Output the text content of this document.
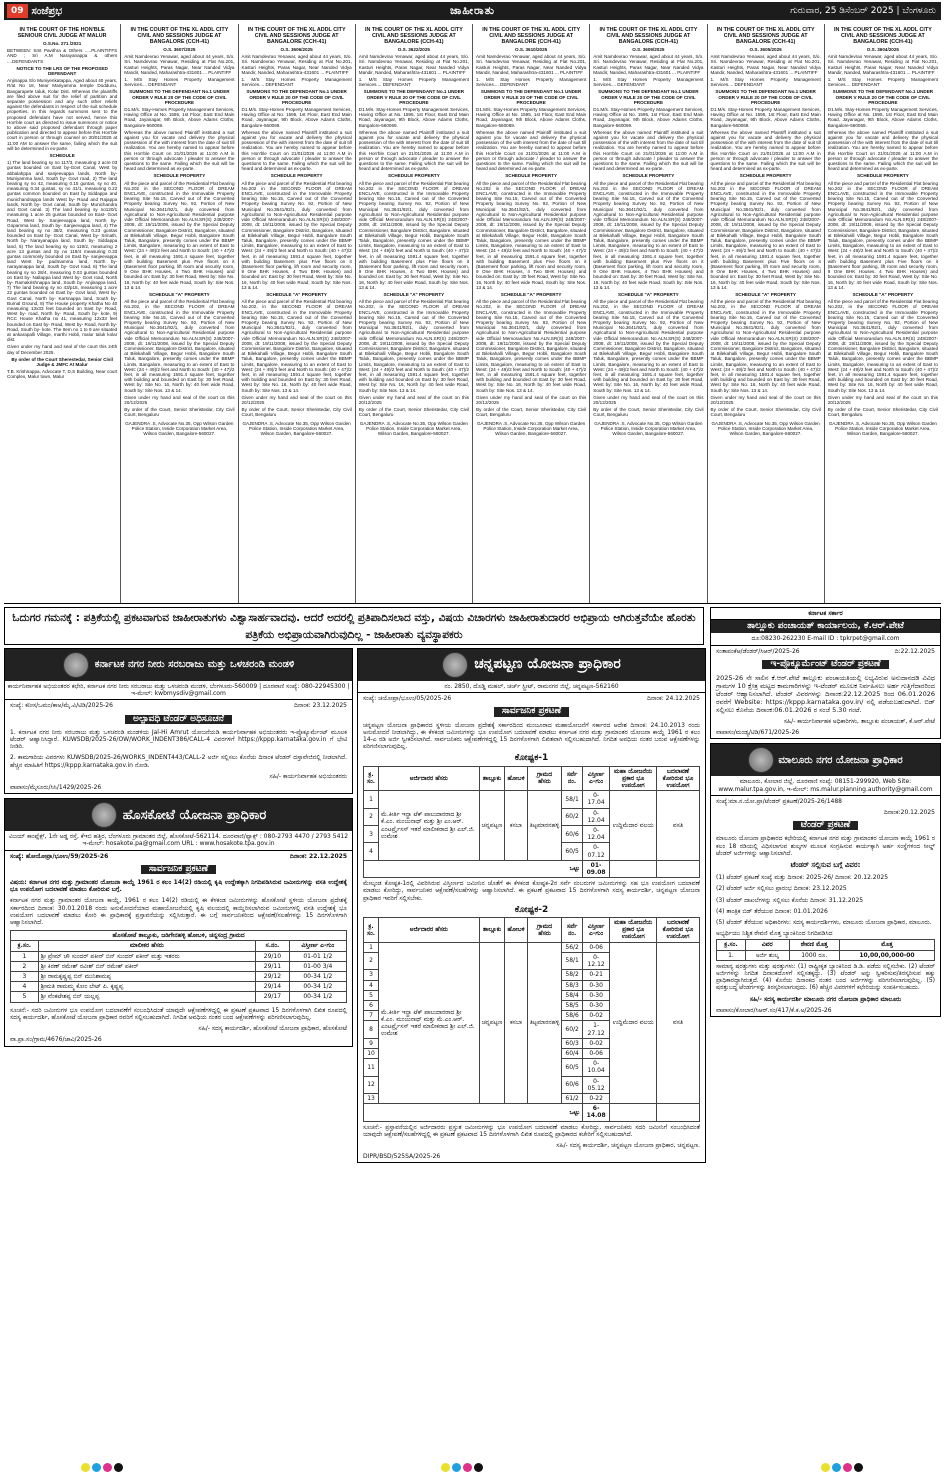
09 ಸಂಜೆಪ್ರಭ	ಜಾಹೀರಾತು	ಗುರುವಾರ, 25 ಡಿಸೆಂಬರ್ 2025 | ಬೆಂಗಳೂರು
IN THE COURT OF THE HON'BLE SENIOUR CIVIL JUDGE AT MALUR
O.S.No. 271 /2021

BETWEEN: Smt Pavithra & Others .....PLAINTIFFS AND ; Sri A.M Narayanappa & others ....DEFENDANTS

NOTICE TO THE LRS OF THE PROPOSED DEFENDANT

Anjinappa S/o Muniyenkatappa, Aged about 40 years, R/at No 18, Near Mariyamma temple Doddunu, Bangarapete taluk, Kolar Dist. Whereas the plaintiffs are filed above suit for the relief of partition and separate possession and any such other reliefs against the defendants in respect of the suit schedule properties, in this regards summons sent to the proposed defendant have not served, hence this Hon'ble court as directed to issue summons or notice to above said proposed defendant through paper publication and directed to appear before this Hon'ble court in person or through counsel on 30/01/2026 at 11:00 AM to answer the same, failing which the suit will be determined in ex-parte.

SCHEDULE

1) The land bearing sy no 117/3, measuring 2 acre 03 guntas bounded on East by-Govt Canal, West by abbalahppa and sanjeevappa lands, North by- Muniyamma land, South by- Govt road, 2) The land bearing sy no 42, measuring 0.15 guntas, sy no 40, measuring 0.34 guntas, sy no 41/1, measuring 0.22 guntas common bounded on East by Siddappa and munichandrappa lands West by- Road and Rajappa lands, North by- Govt canal, South by- Munichandra and Govt canal. 3) The land bearing sy no120/1 measuring 1 acre 25 guntas bounded on East- Govt Road, West by- Sanjeevappa land, North by- Gopamma land, South by- Sanjeevappa land, 4) The land bearing sy no 38/2, measuring 0.23 guntas bounded on East by- Govt Canal, West by- Srinath, North by- Narayanappa land, South by- Siddappa land, 5) The land bearing sy no 119/2, measuring 2 acre 13 guntas and Sy no 119/4 measuring 0.33 guntas commonly bounded on East by- sanjeevappa land West by- padmamma land, North by- narayanappa land, South by- Govt road, 6) The land bearing sy no 28/4, measuring 0.03 guntas bounded on East by- Nallappa land West by- Govt road, North by- Ramakrishnappa land, South by- Anjinappa land, 7) The land bearing sy no 43/p15, measuring 1 acre 22 guntas bounded on East by- Govt land, West by- Govt Canal, North by- Karsnappa land, South by- Burnal Ground, 8) The House property Khatha No 40 measuring 13x33 feet bounded on East by- Road, West by- road, North by- Road, South by- kote, 9) RCC House Khatha no 41, measuring 12x33 feet bounded on East by- Road, West by- Road, North by- Road, South by- kote. The Item no 1 to 9 are situated at ankarapalli Village, marthi Hobli, malur taluk kolar dist.

Given under my hand and seal of the court this 24th day of December 2025.

By order of the Court Sherestedar, Senior Civil Judge & JMFC At Malur

T.B. Krishnappa, Advocate T, D,S Building, Near court Complex, Malur town, Malur

IN THE COURT OF THE XL ADDL CITY CIVIL AND SESSIONS JUDGE AT BANGALORE (CCH-41)
O.S. 3607/2025

Amit Namdevrao Yenawar, aged about 44 years, S/o. Sri. Namdevrao Yenawar, Residing at Flat No.201, Kasturi Heights, Paras Nagar, Near Nanded Vidya Mandir, Nanded, Maharashtra-431601 ... PLAINTIFF

1. M/S Stay Homes Property Management Services.... DEFENDANT

SUMMONS TO THE DEFENDANT No.1 UNDER ORDER V RULE 20 OF THE CODE OF CIVIL PROCEDURE

D1.M/s. Stay-Homes Property Management Services, Having Office at No. 1595, 1st Floor, East End Main Road, Jayanagar, 9th Block, Above Adams Cloths, Bangalore-560069.

Whereas the above named Plaintiff instituted a suit against you for vacate and delivery the physical possession of the with interest from the date of suit till realization. You are hereby named to appear before this Hon'ble Court on 21/01/2026 at 11:00 A.M in person or through advocate / pleader to answer the questions to the same. Failing which the suit will be heard and determined as ex-parte.

SCHEDULE PROPERTY

All the piece and parcel of the Residential Flat bearing No.202 in the SECOND FLOOR of DREAM ENCLAVE, constructed in the Immovable Property bearing Site No.15, Carved out of the Converted Property bearing Survey No. 92, Portion of New Municipal No.3641/92/1, duly converted from Agricultural to Non-Agricultural Residential purpose vide Official Memorandum No.ALN.SR(S) 248/2007-2008, dt: 19/11/2008, issued by the Special Deputy Commissioner, Bangalore District, Bangalore, situated at Bilekahalli Village, Begur Hobli, Bangalore South Taluk, Bangalore, presently comes under the BBMP Limits, Bangalore, measuring to an extent of East to West: (24 + 49)/2 feet and North to South: (40 + 47)/2 feet, in all measuring 1591.4 square feet, together with building Basement plus Five floors on it (Basement floor parking, lift room and security room, 9 One BHK Houses, 4 Two BHK Houses) and bounded on: East by: 30 feet Road, West by: Site No. 16, North by: 40 feet wide Road, South by: Site Nos. 13 & 14.

SCHEDULE "A" PROPERTY

All the piece and parcel of the Residential Flat bearing No.202, in the SECOND FLOOR of DREAM ENCLAVE, constructed in the Immovable Property bearing Site No.15, Carved out of the Converted Property bearing Survey No. 92, Portion of New Municipal No.3641/92/1, duly converted from Agricultural to Non-Agricultural Residential purpose vide Official Memorandum No.ALN.SR(S) 248/2007-2008, dt: 19/11/2008, issued by the Special Deputy Commissioner, Bangalore District, Bangalore, situated at Bilekahalli Village, Begur Hobli, Bangalore South Taluk, Bangalore, presently comes under the BBMP Limits, Bangalore, measuring to an extent of East to West: (24 + 49)/2 feet and North to South: (40 + 47)/2 feet, in all measuring 1591.4 square feet, together with building and bounded on East by: 30 feet Road, West by: Site No. 16, North by: 40 feet wide Road, South by: Site Nos. 13 & 14.

Given under my hand and seal of the court on this 20/12/2025

By order of the Court, Senior Sheristedar, City Civil Court, Bengaluru

GAJENDRA .S, Advocate No.35, Opp Wilson Garden Police Station, Inside Corporation Market Area, Wilson Garden, Bangalore-560027.
IN THE COURT OF THE XL ADDL CITY CIVIL AND SESSIONS JUDGE AT BANGALORE (CCH-41)
O.S. 3606/2025

Amit Namdevrao Yenawar, aged about 44 years, S/o. Sri. Namdevrao Yenawar, Residing at Flat No.201, Kasturi Heights, Paras Nagar, Near Nanded Vidya Mandir, Nanded, Maharashtra-431601 ... PLAINTIFF

1. M/S Stay Homes Property Management Services.... DEFENDANT

SUMMONS TO THE DEFENDANT No.1 UNDER ORDER V RULE 20 OF THE CODE OF CIVIL PROCEDURE

D1.M/s. Stay-Homes Property Management Services, Having Office at No. 1595, 1st Floor, East End Main Road, Jayanagar, 9th Block, Above Adams Cloths, Bangalore-560069.

Whereas the above named Plaintiff instituted a suit against you for vacate and delivery the physical possession of the with interest from the date of suit till realization. You are hereby named to appear before this Hon'ble Court on 21/01/2026 at 11:00 A.M in person or through advocate / pleader to answer the questions to the same. Failing which the suit will be heard and determined as ex-parte.

SCHEDULE PROPERTY

All the piece and parcel of the Residential Flat bearing No.202 in the SECOND FLOOR of DREAM ENCLAVE, constructed in the Immovable Property bearing Site No.15, Carved out of the Converted Property bearing Survey No. 92, Portion of New Municipal No.3641/92/1, duly converted from Agricultural to Non-Agricultural Residential purpose vide Official Memorandum No.ALN.SR(S) 248/2007-2008, dt: 19/11/2008, issued by the Special Deputy Commissioner, Bangalore District, Bangalore, situated at Bilekahalli Village, Begur Hobli, Bangalore South Taluk, Bangalore, presently comes under the BBMP Limits, Bangalore, measuring to an extent of East to West: (24 + 49)/2 feet and North to South: (40 + 47)/2 feet, in all measuring 1591.4 square feet, together with building Basement plus Five floors on it (Basement floor parking, lift room and security room, 9 One BHK Houses, 4 Two BHK Houses) and bounded on: East by: 30 feet Road, West by: Site No. 16, North by: 40 feet wide Road, South by: Site Nos. 13 & 14.

SCHEDULE "A" PROPERTY

All the piece and parcel of the Residential Flat bearing No.202, in the SECOND FLOOR of DREAM ENCLAVE, constructed in the Immovable Property bearing Site No.15, Carved out of the Converted Property bearing Survey No. 92, Portion of New Municipal No.3641/92/1, duly converted from Agricultural to Non-Agricultural Residential purpose vide Official Memorandum No.ALN.SR(S) 248/2007-2008, dt: 19/11/2008, issued by the Special Deputy Commissioner, Bangalore District, Bangalore, situated at Bilekahalli Village, Begur Hobli, Bangalore South Taluk, Bangalore, presently comes under the BBMP Limits, Bangalore, measuring to an extent of East to West: (24 + 49)/2 feet and North to South: (40 + 47)/2 feet, in all measuring 1591.4 square feet, together with building and bounded on East by: 30 feet Road, West by: Site No. 16, North by: 40 feet wide Road, South by: Site Nos. 13 & 14.

Given under my hand and seal of the court on this 20/12/2025

By order of the Court, Senior Sheristedar, City Civil Court, Bengaluru

GAJENDRA .S, Advocate No.35, Opp Wilson Garden Police Station, Inside Corporation Market Area, Wilson Garden, Bangalore-560027.
IN THE COURT OF THE XL ADDL CITY CIVIL AND SESSIONS JUDGE AT BANGALORE (CCH-41)
O.S. 3622/2025

Amit Namdevrao Yenawar, aged about 44 years, S/o. Sri. Namdevrao Yenawar, Residing at Flat No.201, Kasturi Heights, Paras Nagar, Near Nanded Vidya Mandir, Nanded, Maharashtra-431601 ... PLAINTIFF

1. M/S Stay Homes Property Management Services.... DEFENDANT

SUMMONS TO THE DEFENDANT No.1 UNDER ORDER V RULE 20 OF THE CODE OF CIVIL PROCEDURE

D1.M/s. Stay-Homes Property Management Services, Having Office at No. 1595, 1st Floor, East End Main Road, Jayanagar, 9th Block, Above Adams Cloths, Bangalore-560069.

Whereas the above named Plaintiff instituted a suit against you for vacate and delivery the physical possession of the with interest from the date of suit till realization. You are hereby named to appear before this Hon'ble Court on 21/01/2026 at 11:00 A.M in person or through advocate / pleader to answer the questions to the same. Failing which the suit will be heard and determined as ex-parte.

SCHEDULE PROPERTY

All the piece and parcel of the Residential Flat bearing No.202 in the SECOND FLOOR of DREAM ENCLAVE, constructed in the Immovable Property bearing Site No.15, Carved out of the Converted Property bearing Survey No. 92, Portion of New Municipal No.3641/92/1, duly converted from Agricultural to Non-Agricultural Residential purpose vide Official Memorandum No.ALN.SR(S) 248/2007-2008, dt: 19/11/2008, issued by the Special Deputy Commissioner, Bangalore District, Bangalore, situated at Bilekahalli Village, Begur Hobli, Bangalore South Taluk, Bangalore, presently comes under the BBMP Limits, Bangalore, measuring to an extent of East to West: (24 + 49)/2 feet and North to South: (40 + 47)/2 feet, in all measuring 1591.4 square feet, together with building Basement plus Five floors on it (Basement floor parking, lift room and security room, 9 One BHK Houses, 4 Two BHK Houses) and bounded on: East by: 30 feet Road, West by: Site No. 16, North by: 40 feet wide Road, South by: Site Nos. 13 & 14.

SCHEDULE "A" PROPERTY

All the piece and parcel of the Residential Flat bearing No.202, in the SECOND FLOOR of DREAM ENCLAVE, constructed in the Immovable Property bearing Site No.15, Carved out of the Converted Property bearing Survey No. 92, Portion of New Municipal No.3641/92/1, duly converted from Agricultural to Non-Agricultural Residential purpose vide Official Memorandum No.ALN.SR(S) 248/2007-2008, dt: 19/11/2008, issued by the Special Deputy Commissioner, Bangalore District, Bangalore, situated at Bilekahalli Village, Begur Hobli, Bangalore South Taluk, Bangalore, presently comes under the BBMP Limits, Bangalore, measuring to an extent of East to West: (24 + 49)/2 feet and North to South: (40 + 47)/2 feet, in all measuring 1591.4 square feet, together with building and bounded on East by: 30 feet Road, West by: Site No. 16, North by: 40 feet wide Road, South by: Site Nos. 13 & 14.

Given under my hand and seal of the court on this 20/12/2025

By order of the Court, Senior Sheristedar, City Civil Court, Bengaluru

GAJENDRA .S, Advocate No.35, Opp Wilson Garden Police Station, Inside Corporation Market Area, Wilson Garden, Bangalore-560027.
IN THE COURT OF THE XL ADDL CITY CIVIL AND SESSIONS JUDGE AT BANGALORE (CCH-41)
O.S. 3610/2025

Amit Namdevrao Yenawar, aged about 44 years, S/o. Sri. Namdevrao Yenawar, Residing at Flat No.201, Kasturi Heights, Paras Nagar, Near Nanded Vidya Mandir, Nanded, Maharashtra-431601 ... PLAINTIFF

1. M/S Stay Homes Property Management Services.... DEFENDANT

SUMMONS TO THE DEFENDANT No.1 UNDER ORDER V RULE 20 OF THE CODE OF CIVIL PROCEDURE

D1.M/s. Stay-Homes Property Management Services, Having Office at No. 1595, 1st Floor, East End Main Road, Jayanagar, 9th Block, Above Adams Cloths, Bangalore-560069.

Whereas the above named Plaintiff instituted a suit against you for vacate and delivery the physical possession of the with interest from the date of suit till realization. You are hereby named to appear before this Hon'ble Court on 21/01/2026 at 11:00 A.M in person or through advocate / pleader to answer the questions to the same. Failing which the suit will be heard and determined as ex-parte.

SCHEDULE PROPERTY

All the piece and parcel of the Residential Flat bearing No.202 in the SECOND FLOOR of DREAM ENCLAVE, constructed in the Immovable Property bearing Site No.15, Carved out of the Converted Property bearing Survey No. 92, Portion of New Municipal No.3641/92/1, duly converted from Agricultural to Non-Agricultural Residential purpose vide Official Memorandum No.ALN.SR(S) 248/2007-2008, dt: 19/11/2008, issued by the Special Deputy Commissioner, Bangalore District, Bangalore, situated at Bilekahalli Village, Begur Hobli, Bangalore South Taluk, Bangalore, presently comes under the BBMP Limits, Bangalore, measuring to an extent of East to West: (24 + 49)/2 feet and North to South: (40 + 47)/2 feet, in all measuring 1591.4 square feet, together with building Basement plus Five floors on it (Basement floor parking, lift room and security room, 9 One BHK Houses, 4 Two BHK Houses) and bounded on: East by: 30 feet Road, West by: Site No. 16, North by: 40 feet wide Road, South by: Site Nos. 13 & 14.

SCHEDULE "A" PROPERTY

All the piece and parcel of the Residential Flat bearing No.202, in the SECOND FLOOR of DREAM ENCLAVE, constructed in the Immovable Property bearing Site No.15, Carved out of the Converted Property bearing Survey No. 92, Portion of New Municipal No.3641/92/1, duly converted from Agricultural to Non-Agricultural Residential purpose vide Official Memorandum No.ALN.SR(S) 248/2007-2008, dt: 19/11/2008, issued by the Special Deputy Commissioner, Bangalore District, Bangalore, situated at Bilekahalli Village, Begur Hobli, Bangalore South Taluk, Bangalore, presently comes under the BBMP Limits, Bangalore, measuring to an extent of East to West: (24 + 49)/2 feet and North to South: (40 + 47)/2 feet, in all measuring 1591.4 square feet, together with building and bounded on East by: 30 feet Road, West by: Site No. 16, North by: 40 feet wide Road, South by: Site Nos. 13 & 14.

Given under my hand and seal of the court on this 20/12/2025

By order of the Court, Senior Sheristedar, City Civil Court, Bengaluru

GAJENDRA .S, Advocate No.35, Opp Wilson Garden Police Station, Inside Corporation Market Area, Wilson Garden, Bangalore-560027.
IN THE COURT OF THE XL ADDL CITY CIVIL AND SESSIONS JUDGE AT BANGALORE (CCH-41)
O.S. 3609/2025

Amit Namdevrao Yenawar, aged about 44 years, S/o. Sri. Namdevrao Yenawar, Residing at Flat No.201, Kasturi Heights, Paras Nagar, Near Nanded Vidya Mandir, Nanded, Maharashtra-431601 ... PLAINTIFF

1. M/S Stay Homes Property Management Services.... DEFENDANT

SUMMONS TO THE DEFENDANT No.1 UNDER ORDER V RULE 20 OF THE CODE OF CIVIL PROCEDURE

D1.M/s. Stay-Homes Property Management Services, Having Office at No. 1595, 1st Floor, East End Main Road, Jayanagar, 9th Block, Above Adams Cloths, Bangalore-560069.

Whereas the above named Plaintiff instituted a suit against you for vacate and delivery the physical possession of the with interest from the date of suit till realization. You are hereby named to appear before this Hon'ble Court on 21/01/2026 at 11:00 A.M in person or through advocate / pleader to answer the questions to the same. Failing which the suit will be heard and determined as ex-parte.

SCHEDULE PROPERTY

All the piece and parcel of the Residential Flat bearing No.202 in the SECOND FLOOR of DREAM ENCLAVE, constructed in the Immovable Property bearing Site No.15, Carved out of the Converted Property bearing Survey No. 92, Portion of New Municipal No.3641/92/1, duly converted from Agricultural to Non-Agricultural Residential purpose vide Official Memorandum No.ALN.SR(S) 248/2007-2008, dt: 19/11/2008, issued by the Special Deputy Commissioner, Bangalore District, Bangalore, situated at Bilekahalli Village, Begur Hobli, Bangalore South Taluk, Bangalore, presently comes under the BBMP Limits, Bangalore, measuring to an extent of East to West: (24 + 49)/2 feet and North to South: (40 + 47)/2 feet, in all measuring 1591.4 square feet, together with building Basement plus Five floors on it (Basement floor parking, lift room and security room, 9 One BHK Houses, 4 Two BHK Houses) and bounded on: East by: 30 feet Road, West by: Site No. 16, North by: 40 feet wide Road, South by: Site Nos. 13 & 14.

SCHEDULE "A" PROPERTY

All the piece and parcel of the Residential Flat bearing No.202, in the SECOND FLOOR of DREAM ENCLAVE, constructed in the Immovable Property bearing Site No.15, Carved out of the Converted Property bearing Survey No. 92, Portion of New Municipal No.3641/92/1, duly converted from Agricultural to Non-Agricultural Residential purpose vide Official Memorandum No.ALN.SR(S) 248/2007-2008, dt: 19/11/2008, issued by the Special Deputy Commissioner, Bangalore District, Bangalore, situated at Bilekahalli Village, Begur Hobli, Bangalore South Taluk, Bangalore, presently comes under the BBMP Limits, Bangalore, measuring to an extent of East to West: (24 + 49)/2 feet and North to South: (40 + 47)/2 feet, in all measuring 1591.4 square feet, together with building and bounded on East by: 30 feet Road, West by: Site No. 16, North by: 40 feet wide Road, South by: Site Nos. 13 & 14.

Given under my hand and seal of the court on this 20/12/2025

By order of the Court, Senior Sheristedar, City Civil Court, Bengaluru

GAJENDRA .S, Advocate No.35, Opp Wilson Garden Police Station, Inside Corporation Market Area, Wilson Garden, Bangalore-560027.
IN THE COURT OF THE XL ADDL CITY CIVIL AND SESSIONS JUDGE AT BANGALORE (CCH-41)
O.S. 3605/2025

Amit Namdevrao Yenawar, aged about 44 years, S/o. Sri. Namdevrao Yenawar, Residing at Flat No.201, Kasturi Heights, Paras Nagar, Near Nanded Vidya Mandir, Nanded, Maharashtra-431601 ... PLAINTIFF

1. M/S Stay Homes Property Management Services.... DEFENDANT

SUMMONS TO THE DEFENDANT No.1 UNDER ORDER V RULE 20 OF THE CODE OF CIVIL PROCEDURE

D1.M/s. Stay-Homes Property Management Services, Having Office at No. 1595, 1st Floor, East End Main Road, Jayanagar, 9th Block, Above Adams Cloths, Bangalore-560069.

Whereas the above named Plaintiff instituted a suit against you for vacate and delivery the physical possession of the with interest from the date of suit till realization. You are hereby named to appear before this Hon'ble Court on 21/01/2026 at 11:00 A.M in person or through advocate / pleader to answer the questions to the same. Failing which the suit will be heard and determined as ex-parte.

SCHEDULE PROPERTY

All the piece and parcel of the Residential Flat bearing No.202 in the SECOND FLOOR of DREAM ENCLAVE, constructed in the Immovable Property bearing Site No.15, Carved out of the Converted Property bearing Survey No. 92, Portion of New Municipal No.3641/92/1, duly converted from Agricultural to Non-Agricultural Residential purpose vide Official Memorandum No.ALN.SR(S) 248/2007-2008, dt: 19/11/2008, issued by the Special Deputy Commissioner, Bangalore District, Bangalore, situated at Bilekahalli Village, Begur Hobli, Bangalore South Taluk, Bangalore, presently comes under the BBMP Limits, Bangalore, measuring to an extent of East to West: (24 + 49)/2 feet and North to South: (40 + 47)/2 feet, in all measuring 1591.4 square feet, together with building Basement plus Five floors on it (Basement floor parking, lift room and security room, 9 One BHK Houses, 4 Two BHK Houses) and bounded on: East by: 30 feet Road, West by: Site No. 16, North by: 40 feet wide Road, South by: Site Nos. 13 & 14.

SCHEDULE "A" PROPERTY

All the piece and parcel of the Residential Flat bearing No.202, in the SECOND FLOOR of DREAM ENCLAVE, constructed in the Immovable Property bearing Site No.15, Carved out of the Converted Property bearing Survey No. 92, Portion of New Municipal No.3641/92/1, duly converted from Agricultural to Non-Agricultural Residential purpose vide Official Memorandum No.ALN.SR(S) 248/2007-2008, dt: 19/11/2008, issued by the Special Deputy Commissioner, Bangalore District, Bangalore, situated at Bilekahalli Village, Begur Hobli, Bangalore South Taluk, Bangalore, presently comes under the BBMP Limits, Bangalore, measuring to an extent of East to West: (24 + 49)/2 feet and North to South: (40 + 47)/2 feet, in all measuring 1591.4 square feet, together with building and bounded on East by: 30 feet Road, West by: Site No. 16, North by: 40 feet wide Road, South by: Site Nos. 13 & 14.

Given under my hand and seal of the court on this 20/12/2025

By order of the Court, Senior Sheristedar, City Civil Court, Bengaluru

GAJENDRA .S, Advocate No.35, Opp Wilson Garden Police Station, Inside Corporation Market Area, Wilson Garden, Bangalore-560027.
IN THE COURT OF THE XL ADDL CITY CIVIL AND SESSIONS JUDGE AT BANGALORE (CCH-41)
O.S. 3604/2025

Amit Namdevrao Yenawar, aged about 44 years, S/o. Sri. Namdevrao Yenawar, Residing at Flat No.201, Kasturi Heights, Paras Nagar, Near Nanded Vidya Mandir, Nanded, Maharashtra-431601 ... PLAINTIFF

1. M/S Stay Homes Property Management Services.... DEFENDANT

SUMMONS TO THE DEFENDANT No.1 UNDER ORDER V RULE 20 OF THE CODE OF CIVIL PROCEDURE

D1.M/s. Stay-Homes Property Management Services, Having Office at No. 1595, 1st Floor, East End Main Road, Jayanagar, 9th Block, Above Adams Cloths, Bangalore-560069.

Whereas the above named Plaintiff instituted a suit against you for vacate and delivery the physical possession of the with interest from the date of suit till realization. You are hereby named to appear before this Hon'ble Court on 21/01/2026 at 11:00 A.M in person or through advocate / pleader to answer the questions to the same. Failing which the suit will be heard and determined as ex-parte.

SCHEDULE PROPERTY

All the piece and parcel of the Residential Flat bearing No.202 in the SECOND FLOOR of DREAM ENCLAVE, constructed in the Immovable Property bearing Site No.15, Carved out of the Converted Property bearing Survey No. 92, Portion of New Municipal No.3641/92/1, duly converted from Agricultural to Non-Agricultural Residential purpose vide Official Memorandum No.ALN.SR(S) 248/2007-2008, dt: 19/11/2008, issued by the Special Deputy Commissioner, Bangalore District, Bangalore, situated at Bilekahalli Village, Begur Hobli, Bangalore South Taluk, Bangalore, presently comes under the BBMP Limits, Bangalore, measuring to an extent of East to West: (24 + 49)/2 feet and North to South: (40 + 47)/2 feet, in all measuring 1591.4 square feet, together with building Basement plus Five floors on it (Basement floor parking, lift room and security room, 9 One BHK Houses, 4 Two BHK Houses) and bounded on: East by: 30 feet Road, West by: Site No. 16, North by: 40 feet wide Road, South by: Site Nos. 13 & 14.

SCHEDULE "A" PROPERTY

All the piece and parcel of the Residential Flat bearing No.202, in the SECOND FLOOR of DREAM ENCLAVE, constructed in the Immovable Property bearing Site No.15, Carved out of the Converted Property bearing Survey No. 92, Portion of New Municipal No.3641/92/1, duly converted from Agricultural to Non-Agricultural Residential purpose vide Official Memorandum No.ALN.SR(S) 248/2007-2008, dt: 19/11/2008, issued by the Special Deputy Commissioner, Bangalore District, Bangalore, situated at Bilekahalli Village, Begur Hobli, Bangalore South Taluk, Bangalore, presently comes under the BBMP Limits, Bangalore, measuring to an extent of East to West: (24 + 49)/2 feet and North to South: (40 + 47)/2 feet, in all measuring 1591.4 square feet, together with building and bounded on East by: 30 feet Road, West by: Site No. 16, North by: 40 feet wide Road, South by: Site Nos. 13 & 14.

Given under my hand and seal of the court on this 20/12/2025

By order of the Court, Senior Sheristedar, City Civil Court, Bengaluru

GAJENDRA .S, Advocate No.35, Opp Wilson Garden Police Station, Inside Corporation Market Area, Wilson Garden, Bangalore-560027.
ಓದುಗರ ಗಮನಕ್ಕೆ : ಪತ್ರಿಕೆಯಲ್ಲಿ ಪ್ರಕಟವಾಗುವ ಜಾಹೀರಾತುಗಳು ವಿಶ್ವಾಸಾರ್ಹವಾದವು. ಆದರೆ ಅದರಲ್ಲಿ ಪ್ರತಿಪಾದಿಸಲಾದ ವಸ್ತು, ವಿಷಯ ವಿಚಾರಗಳು ಜಾಹೀರಾತುದಾರರ ಅಭಿಪ್ರಾಯ ಆಗಿರುತ್ತವೆಯೇ ಹೊರತು ಪತ್ರಿಕೆಯ ಅಭಿಪ್ರಾಯವಾಗಿರುವುದಿಲ್ಲ - ಜಾಹೀರಾತು ವ್ಯವಸ್ಥಾಪಕರು
ಕರ್ನಾಟಕ ನಗರ ನೀರು ಸರಬರಾಜು ಮತ್ತು ಒಳಚರಂಡಿ ಮಂಡಳಿ
ಕಾರ್ಯನಿರ್ವಾಹಕ ಅಭಿಯಂತರರ ಕಛೇರಿ, ಕರ್ನಾಟಕ ನಗರ ನೀರು ಸರಬರಾಜು ಮತ್ತು ಒಳಚರಂಡಿ ಮಂಡಳಿ, ಬೆಂಗಳೂರು-560009 | ದೂರವಾಣಿ ಸಂಖ್ಯೆ: 080-22945300 | ಇ-ಮೇಲ್: kwbmysdiv@gmail.com
ಸಂಖ್ಯೆ: ಕನೀಸ/ಒಮಂ/ಕಾಅ/ಮೈ.ವಿ/ಟಿಡಿ/2025-26	ದಿನಾಂಕ: 23.12.2025
ಅಲ್ಪಾವಧಿ ಟೆಂಡರ್ ಅಧಿಸೂಚನೆ
1. ಕರ್ನಾಟಕ ನಗರ ನೀರು ಸರಬರಾಜು ಮತ್ತು ಒಳಚರಂಡಿ ಮಂಡಳಿಯ Jal-Hi Amrut ಯೋಜನೆಯಡಿ ಕಾರ್ಯನಿರ್ವಾಹಕ ಅಭಿಯಂತರರು ಇ-ಪ್ರೊಕ್ಯೂರ್ಮೆಂಟ್ ಮೂಲಕ ಟೆಂಡರ್ ಆಹ್ವಾನಿಸಿದ್ದಾರೆ. KUWSDB/2025-26/OW/WORK_INDENT386/CALL-4 ವಿವರಗಳಿಗೆ https://kppp.karnataka.gov.in ಗೆ ಭೇಟಿ ನೀಡಿರಿ.
2. ಕಾಮಗಾರಿಯ ವಿವರಗಳು KUWSDB/2025-26/WORKS_INDENT443/CALL-2 ಅರ್ಜಿ ಸಲ್ಲಿಸಲು ಕೊನೆಯ ದಿನಾಂಕ ಟೆಂಡರ್ ದಸ್ತಾವೇಜಿನಲ್ಲಿ ನೀಡಲಾಗಿದೆ. ಹೆಚ್ಚಿನ ಮಾಹಿತಿಗೆ https://kppp.karnataka.gov.in ನೋಡಿ.
ಸಹಿ/- ಕಾರ್ಯನಿರ್ವಾಹಕ ಅಭಿಯಂತರರು
ವಾಪಾಸಂ/ಮೈಸೂರು/ಸಿಸಿ/1429/2025-26
ಹೊಸಕೋಟೆ ಯೋಜನಾ ಪ್ರಾಧಿಕಾರ
ವಿಜಯ್ ಕಾಂಪ್ಲೆಕ್ಸ್, 1ನೇ ಅಡ್ಡ ರಸ್ತೆ, ಕೆಇಬಿ ಹತ್ತಿರ, ಬೆಂಗಳೂರು ಗ್ರಾಮಾಂತರ ಜಿಲ್ಲೆ, ಹೊಸಕೋಟೆ-562114. ದೂರವಾಣಿ/ಫ್ಯಾಕ್ಸ್ : 080-2793 4470 / 2793 5412 ಇ-ಮೇಲ್: hosakote.pa@gmail.com URL : www.hosakote.tpa.gov.in
ಸಂಖ್ಯೆ: ಹೋಯೋಪ್ರಾ/ಭೂಉ/59/2025-26	ದಿನಾಂಕ: 22.12.2025
ಸಾರ್ವಜನಿಕ ಪ್ರಕಟಣೆ
ವಿಷಯ: ಕರ್ನಾಟಕ ನಗರ ಮತ್ತು ಗ್ರಾಮಾಂತರ ಯೋಜನಾ ಕಾಯ್ದೆ 1961 ರ ಕಲಂ 14(2) ರಡಿಯಲ್ಲಿ ಕೃಷಿ ಉದ್ದೇಶಕ್ಕಾಗಿ ನಿಗದಿಪಡಿಸಿರುವ ಜಮೀನುಗಳನ್ನು ವಸತಿ ಉದ್ದೇಶಕ್ಕೆ ಭೂ ಉಪಯೋಗ ಬದಲಾವಣೆ ಮಾಡಲು ಕೋರಿರುವ ಬಗ್ಗೆ.
ಕರ್ನಾಟಕ ನಗರ ಮತ್ತು ಗ್ರಾಮಾಂತರ ಯೋಜನಾ ಕಾಯ್ದೆ, 1961 ರ ಕಲಂ 14(2) ರಡಿಯಲ್ಲಿ ಈ ಕೆಳಕಂಡ ಜಮೀನುಗಳನ್ನು ಹೊಸಕೋಟೆ ಸ್ಥಳೀಯ ಯೋಜನಾ ಪ್ರದೇಶಕ್ಕೆ ಸರ್ಕಾರದಿಂದ ದಿನಾಂಕ: 30.01.2018 ರಂದು ಅನುಮೋದನೆಯಾದ ಮಹಾಯೋಜನೆಯಲ್ಲಿ ಕೃಷಿ ವಲಯದಲ್ಲಿ ಕಾಯ್ದಿರಿಸಲಾಗಿರುವ ಜಮೀನುಗಳಲ್ಲಿ ವಸತಿ ಉದ್ದೇಶಕ್ಕೆ ಭೂ ಉಪಯೋಗ ಬದಲಾವಣೆ ಮಾಡಲು ಕೋರಿ ಈ ಪ್ರಾಧಿಕಾರಕ್ಕೆ ಪ್ರಸ್ತಾವನೆಯನ್ನು ಸಲ್ಲಿಸಿರುತ್ತಾರೆ. ಈ ಬಗ್ಗೆ ಸಾರ್ವಜನಿಕರಿಂದ ಆಕ್ಷೇಪಣೆ/ಸಲಹೆಗಳನ್ನು 15 ದಿನಗಳೊಳಗಾಗಿ ಆಹ್ವಾನಿಸಲಾಗಿದೆ.
ಹೊಸಕೋಟೆ ತಾಲ್ಲೂಕು, ಜಡಿಗೇನಹಳ್ಳಿ ಹೋಬಳಿ, ಚನ್ನಸಂದ್ರ ಗ್ರಾಮದ			
ಕ್ರ.ಸಂ.	ಮಾಲೀಕರ ಹೆಸರು	ಸ.ನಂ.	ವಿಸ್ತೀರ್ಣ ಎ-ಗುಂ
1	ಶ್ರೀ ಪ್ರೇಮ್ ಚೌ ಸುಂದರ್ ಪಕೀರ್ ಬಿನ್ ಸುಂದರ್ ಪಕೀರ್ ಮತ್ತು ಇತರರು	29/10	01-01 1/2
2	ಶ್ರೀ ಕಿರಣ್ ರಮೇಶ್ ರವೀಶ್ ಬಿನ್ ರಮೇಶ್ ಪಕೀರ್	29/11	01-00 3/4
3	ಶ್ರೀ ರಾಮಕೃಷ್ಣಪ್ಪ ಬಿನ್ ಮುನಿಶಾಮಪ್ಪ	29/12	00-34 1/2
4	ಶ್ರೀಮತಿ ರಾಮಮ್ಮ ಕೋಂ ಲೇಟ್ ಪಿ. ಕೃಷ್ಣಪ್ಪ	29/14	00-34 1/2
5	ಶ್ರೀ ವೆಂಕಟೇಶಪ್ಪ ಬಿನ್ ಯಲ್ಲಪ್ಪ	29/17	00-34 1/2
ಸೂಚನೆ:- ಸದರಿ ಜಮೀನುಗಳ ಭೂ ಉಪಯೋಗ ಬದಲಾವಣೆಗೆ ಸಂಬಂಧಿಸಿದಂತೆ ಯಾವುದೇ ಆಕ್ಷೇಪಣೆಗಳಿದ್ದಲ್ಲಿ ಈ ಪ್ರಕಟಣೆ ಪ್ರಕಟವಾದ 15 ದಿನಗಳೊಳಗಾಗಿ ಲಿಖಿತ ರೂಪದಲ್ಲಿ ಸದಸ್ಯ ಕಾರ್ಯದರ್ಶಿ, ಹೊಸಕೋಟೆ ಯೋಜನಾ ಪ್ರಾಧಿಕಾರ ರವರಿಗೆ ಸಲ್ಲಿಸಬಹುದಾಗಿದೆ. ನಿಗದಿತ ಅವಧಿಯ ನಂತರ ಬಂದ ಆಕ್ಷೇಪಣೆಗಳನ್ನು ಪರಿಗಣಿಸಲಾಗುವುದಿಲ್ಲ.
ಸಹಿ/- ಸದಸ್ಯ ಕಾರ್ಯದರ್ಶಿ, ಹೊಸಕೋಟೆ ಯೋಜನಾ ಪ್ರಾಧಿಕಾರ, ಹೊಸಕೋಟೆ
ವಾ.ಪ್ರಾ.ಸಂ/ಗ್ರಾಮ/4676/ಜಾವಿ/2025-26
ಚನ್ನಪಟ್ಟಣ ಯೋಜನಾ ಪ್ರಾಧಿಕಾರ
ನಂ. 2850, ದೊಡ್ಡಿ ಮಹಲ್, ಚರ್ಚ್ ಸ್ಟ್ರೀಟ್, ರಾಮನಗರ ಜಿಲ್ಲೆ, ಚನ್ನಪಟ್ಟಣ-562160
ಸಂಖ್ಯೆ: ಚಯೋಪ್ರಾ/ಭೂಉ/05/2025-26	ದಿನಾಂಕ: 24.12.2025
ಸಾರ್ವಜನಿಕ ಪ್ರಕಟಣೆ
ಚನ್ನಪಟ್ಟಣ ಯೋಜನಾ ಪ್ರಾಧಿಕಾರದ ಸ್ಥಳೀಯ ಯೋಜನಾ ಪ್ರದೇಶಕ್ಕೆ ಸರ್ಕಾರದಿಂದ ಮಂಜೂರಾದ ಮಹಾಯೋಜನೆಗೆ ಸರ್ಕಾರದ ಆದೇಶ ದಿನಾಂಕ: 24.10.2013 ರಂದು ಅನುಮೋದನೆ ನೀಡಲಾಗಿದ್ದು, ಈ ಕೆಳಕಂಡ ಜಮೀನುಗಳನ್ನು ಭೂ ಉಪಯೋಗ ಬದಲಾವಣೆ ಮಾಡಲು ಕರ್ನಾಟಕ ನಗರ ಮತ್ತು ಗ್ರಾಮಾಂತರ ಯೋಜನಾ ಕಾಯ್ದೆ 1961 ರ ಕಲಂ 14-ಎ ರಡಿ ಅರ್ಜಿ ಸ್ವೀಕರಿಸಲಾಗಿದೆ. ಸಾರ್ವಜನಿಕರು ಆಕ್ಷೇಪಣೆಗಳಿದ್ದಲ್ಲಿ 15 ದಿನಗಳೊಳಗಾಗಿ ಲಿಖಿತವಾಗಿ ಸಲ್ಲಿಸಬಹುದಾಗಿದೆ. ನಿಗದಿತ ಅವಧಿಯ ನಂತರ ಬರುವ ಆಕ್ಷೇಪಣೆಗಳನ್ನು ಪರಿಗಣಿಸಲಾಗುವುದಿಲ್ಲ.
ಕೋಷ್ಟಕ-1
ಕ್ರ. ಸಂ.	ಅರ್ಜಿದಾರರ ಹೆಸರು	ತಾಲ್ಲೂಕು	ಹೋಬಳಿ	ಗ್ರಾಮದ ಹೆಸರು	ಸರ್ವೆ ನಂ.	ವಿಸ್ತೀರ್ಣ ಎ-ಗುಂ	ಮಹಾ ಯೋಜನೆಯ ಪ್ರಕಾರ ಭೂ ಉಪಯೋಗ	ಬದಲಾವಣೆ ಕೋರಿರುವ ಭೂ ಉಪಯೋಗ
1	ಮೆ.ಕೀರ್ತಿ ಇನ್ಫ್ರಾ ಟೆಕ್ ಪಾಲುದಾರರಾದ ಶ್ರೀ ಕೆ.ಎಂ. ಮಂಜುನಾಥ್ ಮತ್ತು ಶ್ರೀ ಎಂ.ಆರ್. ಎಂಟರ್ಪ್ರೈಸಸ್ ಇತರೆ ಮಾಲೀಕರಾದ ಶ್ರೀ ಎಲ್.ಜಿ. ಉಮೇಶ	ಚನ್ನಪಟ್ಟಣ	ಕಸಬಾ	ತಿಟ್ಟಮಾರನಹಳ್ಳಿ	58/1	0-17.04	ಉದ್ದಿಮೆದಾರ ವಲಯ	ವಸತಿ
2					60/2	0-12.04		
3					60/6	0-12.04		
4					60/5	0-07.12		
ಒಟ್ಟು						01-09.08		
ಮೇಲ್ಕಂಡ ಕೋಷ್ಟಕ-1ರಲ್ಲಿ ವಿವರಿಸಿರುವ ವಿಸ್ತೀರ್ಣದ ಜಮೀನಿನ ಜೊತೆಗೆ ಈ ಕೆಳಕಂಡ ಕೋಷ್ಟಕ-2ರ ಸರ್ವೆ ನಂಬರುಗಳ ಜಮೀನುಗಳನ್ನು ಸಹ ಭೂ ಉಪಯೋಗ ಬದಲಾವಣೆ ಮಾಡಲು ಕೋರಿದ್ದು, ಸಾರ್ವಜನಿಕರ ಆಕ್ಷೇಪಣೆ/ಸಲಹೆಗಳನ್ನು ಆಹ್ವಾನಿಸಲಾಗಿದೆ. ಈ ಪ್ರಕಟಣೆ ಪ್ರಕಟವಾದ 15 ದಿನಗಳೊಳಗಾಗಿ ಸದಸ್ಯ ಕಾರ್ಯದರ್ಶಿ, ಚನ್ನಪಟ್ಟಣ ಯೋಜನಾ ಪ್ರಾಧಿಕಾರ ಇವರಿಗೆ ಸಲ್ಲಿಸಬೇಕು.
ಕೋಷ್ಟಕ-2
ಕ್ರ. ಸಂ.	ಅರ್ಜಿದಾರರ ಹೆಸರು	ತಾಲ್ಲೂಕು	ಹೋಬಳಿ	ಗ್ರಾಮದ ಹೆಸರು	ಸರ್ವೆ ನಂ.	ವಿಸ್ತೀರ್ಣ ಎ-ಗುಂ	ಮಹಾ ಯೋಜನೆಯ ಪ್ರಕಾರ ಭೂ ಉಪಯೋಗ	ಬದಲಾವಣೆ ಕೋರಿರುವ ಭೂ ಉಪಯೋಗ
1	ಮೆ.ಕೀರ್ತಿ ಇನ್ಫ್ರಾ ಟೆಕ್ ಪಾಲುದಾರರಾದ ಶ್ರೀ ಕೆ.ಎಂ. ಮಂಜುನಾಥ್ ಮತ್ತು ಮೆ.ಎಂ.ಆರ್. ಎಂಟರ್ಪ್ರೈಸಸ್ ಇತರೆ ಮಾಲೀಕರಾದ ಶ್ರೀ ಎಲ್.ಜಿ. ಉಮೇಶ	ಚನ್ನಪಟ್ಟಣ	ಕಸಬಾ	ತಿಟ್ಟಮಾರನಹಳ್ಳಿ	56/2	0-06	ಉದ್ದಿಮೆದಾರ ವಲಯ	ವಸತಿ
2					58/1	0-12.12		
3					58/2	0-21		
4					58/3	0-30		
5					58/4	0-30		
6					58/5	0-30		
7					58/6	0-02		
8					60/2	1-27.12		
9					60/3	0-02		
10					60/4	0-06		
11					60/5	0-10.04		
12					60/6	0-05.12		
13					61/2	0-22		
ಒಟ್ಟು						6-14.08		
ಸೂಚನೆ:- ಪ್ರಸ್ತಾವನೆಯಲ್ಲಿನ ಅರ್ಜಿದಾರರು ಪ್ರಸ್ತುತ ಜಮೀನುಗಳನ್ನು ಭೂ ಉಪಯೋಗ ಬದಲಾವಣೆ ಮಾಡಲು ಕೋರಿದ್ದು, ಸಾರ್ವಜನಿಕರು ಸದರಿ ಜಮೀನಿಗೆ ಸಂಬಂಧಿಸಿದಂತೆ ಯಾವುದೇ ಆಕ್ಷೇಪಣೆ/ಸಲಹೆಗಳಿದ್ದಲ್ಲಿ ಈ ಪ್ರಕಟಣೆ ಪ್ರಕಟವಾದ 15 ದಿನಗಳೊಳಗಾಗಿ ಲಿಖಿತ ರೂಪದಲ್ಲಿ ಪ್ರಾಧಿಕಾರದ ಕಚೇರಿಗೆ ಸಲ್ಲಿಸಬಹುದಾಗಿದೆ.
ಸಹಿ/- ಸದಸ್ಯ ಕಾರ್ಯದರ್ಶಿ, ಚನ್ನಪಟ್ಟಣ ಯೋಜನಾ ಪ್ರಾಧಿಕಾರ, ಚನ್ನಪಟ್ಟಣ.
DIPR/BSD/525SA/2025-26
ಕರ್ನಾಟಕ ಸರ್ಕಾರ
ತಾಲ್ಲೂಕು ಪಂಚಾಯತ್ ಕಾರ್ಯಾಲಯ, ಕೆ.ಆರ್.ಪೇಟೆ
ದೂ:08230-262230 E-mail ID : tpkrpet@gmail.com
ಸಂತಾಪಂಕೆಆ/ಡೆಂಡರ್/ಸಿಆರ್/2025-26	ದಿ:22.12.2025
ಇ-ಪ್ರೊಕ್ಯೂರ್ಮೆಂಟ್ ಟೆಂಡರ್ ಪ್ರಕಟಣೆ
2025-26 ನೇ ಸಾಲಿನ ಕೆ.ಆರ್.ಪೇಟೆ ತಾಲ್ಲೂಕು ಪಂಚಾಯತಿಯಲ್ಲಿ ಲಭ್ಯವಿರುವ ಅನುದಾನದಡಿ ವಿವಿಧ ಗ್ರಾಮಗಳ 10 ಕ್ಷೇತ್ರ ಮಟ್ಟದ ಕಾಮಗಾರಿಗಳನ್ನು ಇ-ಟೆಂಡರ್ ಮೂಲಕ ನಿರ್ವಹಿಸಲು ಅರ್ಹ ಗುತ್ತಿಗೆದಾರರಿಂದ ಟೆಂಡರ್ ಆಹ್ವಾನಿಸಲಾಗಿದೆ. ಟೆಂಡರ್ ವಿವರಗಳನ್ನು ದಿನಾಂಕ:22.12.2025 ರಿಂದ 06.01.2026 ರವರೆಗೆ Website: https://kppp.karnataka.gov.in/ ನಲ್ಲಿ ಪಡೆಯಬಹುದಾಗಿದೆ. ಬಿಡ್ ಸಲ್ಲಿಸಲು ಕೊನೆಯ ದಿನಾಂಕ:06.01.2026 ರ ಸಂಜೆ 5.30 ಗಂಟೆ.
ಸಹಿ/- ಕಾರ್ಯನಿರ್ವಾಹಕ ಅಧಿಕಾರಿಗಳು, ತಾಲ್ಲೂಕು ಪಂಚಾಯತ್, ಕೆ.ಆರ್.ಪೇಟೆ
ವಾಪಾಸಂ/ಮಂಡ್ಯ/ಟಿಡಿ/671/2025-26
ಮಾಲೂರು ನಗರ ಯೋಜನಾ ಪ್ರಾಧಿಕಾರ
ಮಾಲೂರು, ಕೋಲಾರ ಜಿಲ್ಲೆ. ದೂರವಾಣಿ ಸಂಖ್ಯೆ: 08151-299920, Web Site: www.malur.tpa.gov.in, ಇ-ಮೇಲ್: ms.malur.planning.authority@gmail.com
ಸಂಖ್ಯೆ:ಮಾ.ನ.ಯೋ.ಪ್ರಾ/ಟೆಂಡರ್ ಪ್ರಕಟಣೆ/2025-26/1488
ದಿನಾಂಕ:20.12.2025
ಟೆಂಡರ್ ಪ್ರಕಟಣೆ
ಮಾಲೂರು ಯೋಜನಾ ಪ್ರಾಧಿಕಾರದ ಕಛೇರಿಯಲ್ಲಿ ಕರ್ನಾಟಕ ನಗರ ಮತ್ತು ಗ್ರಾಮಾಂತರ ಯೋಜನಾ ಕಾಯ್ದೆ 1961 ರ ಕಲಂ 18 ರಡಿಯಲ್ಲಿ ವಿಧಿಸಲಾಗುವ ಶುಲ್ಕಗಳ ಮೂಲಕ ಸಂಗ್ರಹಿಸುವ ಕಾರ್ಯಕ್ಕಾಗಿ ಅರ್ಹ ಸಂಸ್ಥೆಗಳಿಂದ ಸೀಲ್ಡ್ ಟೆಂಡರ್ ಅರ್ಜಿಗಳನ್ನು ಆಹ್ವಾನಿಸಲಾಗಿದೆ.
ಟೆಂಡರ್ ಸಲ್ಲಿಸುವ ಬಗ್ಗೆ ವಿವರ:
(1) ಟೆಂಡರ್ ಪ್ರಕಟಣೆ ಸಂಖ್ಯೆ ಮತ್ತು ದಿನಾಂಕ: 2025-26/ ದಿನಾಂಕ: 20.12.2025
(2) ಟೆಂಡರ್ ಅರ್ಜಿ ಸಲ್ಲಿಸಲು ಪ್ರಾರಂಭ ದಿನಾಂಕ: 23.12.2025
(3) ಟೆಂಡರ್ ದಾಖಲೆಗಳನ್ನು ಸಲ್ಲಿಸಲು ಕೊನೆಯ ದಿನಾಂಕ: 31.12.2025
(4) ತಾಂತ್ರಿಕ ಬಿಡ್ ತೆರೆಯುವ ದಿನಾಂಕ: 01.01.2026
(5) ಟೆಂಡರ್ ತೆರೆಯುವ ಅಧಿಕಾರಿಗಳು: ಸದಸ್ಯ ಕಾರ್ಯದರ್ಶಿಗಳು, ಮಾಲೂರು ಯೋಜನಾ ಪ್ರಾಧಿಕಾರ, ಮಾಲೂರು.
ಅಭ್ಯರ್ಥಿಯು ನಿಶ್ಚಿತ ಠೇವಣಿ ಮೊತ್ತ ಬ್ಯಾಂಕಿನಿಂದ ನಿಗದಿಪಡಿಸಿದ
ಕ್ರ.ಸಂ.	ವಿವರ	ಠೇವಣಿ ಮೊತ್ತ	ಮೊತ್ತ
1.	ಅರ್ಜಿ ಶುಲ್ಕ	1000 ರೂ.	10,00,00,000-00
ಸಾಮಾನ್ಯ ಷರತ್ತುಗಳು ಮತ್ತು ಷರತ್ತುಗಳು: (1) ರಾಷ್ಟ್ರೀಕೃತ ಬ್ಯಾಂಕಿನಿಂದ ಡಿ.ಡಿ. ಪಡೆದು ಸಲ್ಲಿಸಬೇಕು. (2) ಟೆಂಡರ್ ಅರ್ಜಿಗಳನ್ನು ನಿಗದಿತ ದಿನಾಂಕದೊಳಗೆ ಸಲ್ಲಿಸತಕ್ಕದ್ದು. (3) ಟೆಂಡರ್ ಅನ್ನು ಸ್ವೀಕರಿಸುವ/ತಿರಸ್ಕರಿಸುವ ಹಕ್ಕು ಪ್ರಾಧಿಕಾರದ್ದಾಗಿರುತ್ತದೆ. (4) ಕೊನೆಯ ದಿನಾಂಕದ ನಂತರ ಬಂದ ಅರ್ಜಿಗಳನ್ನು ಪರಿಗಣಿಸಲಾಗುವುದಿಲ್ಲ. (5) ಷರತ್ತುಬದ್ಧ ಟೆಂಡರ್ಗಳನ್ನು ತಿರಸ್ಕರಿಸಲಾಗುವುದು. (6) ಹೆಚ್ಚಿನ ವಿವರಗಳಿಗೆ ಕಛೇರಿಯನ್ನು ಸಂಪರ್ಕಿಸಬಹುದು.
ಸಹಿ/- ಸದಸ್ಯ ಕಾರ್ಯದರ್ಶಿ ಮಾಲೂರು ನಗರ ಯೋಜನಾ ಪ್ರಾಧಿಕಾರ ಮಾಲೂರು
ವಾಪಾಸಂ/ಕೋಲಾರ/ಸಿಆರ್.ಸಂ/417/ಕೆ.ಕ.ಅ/2025-26
